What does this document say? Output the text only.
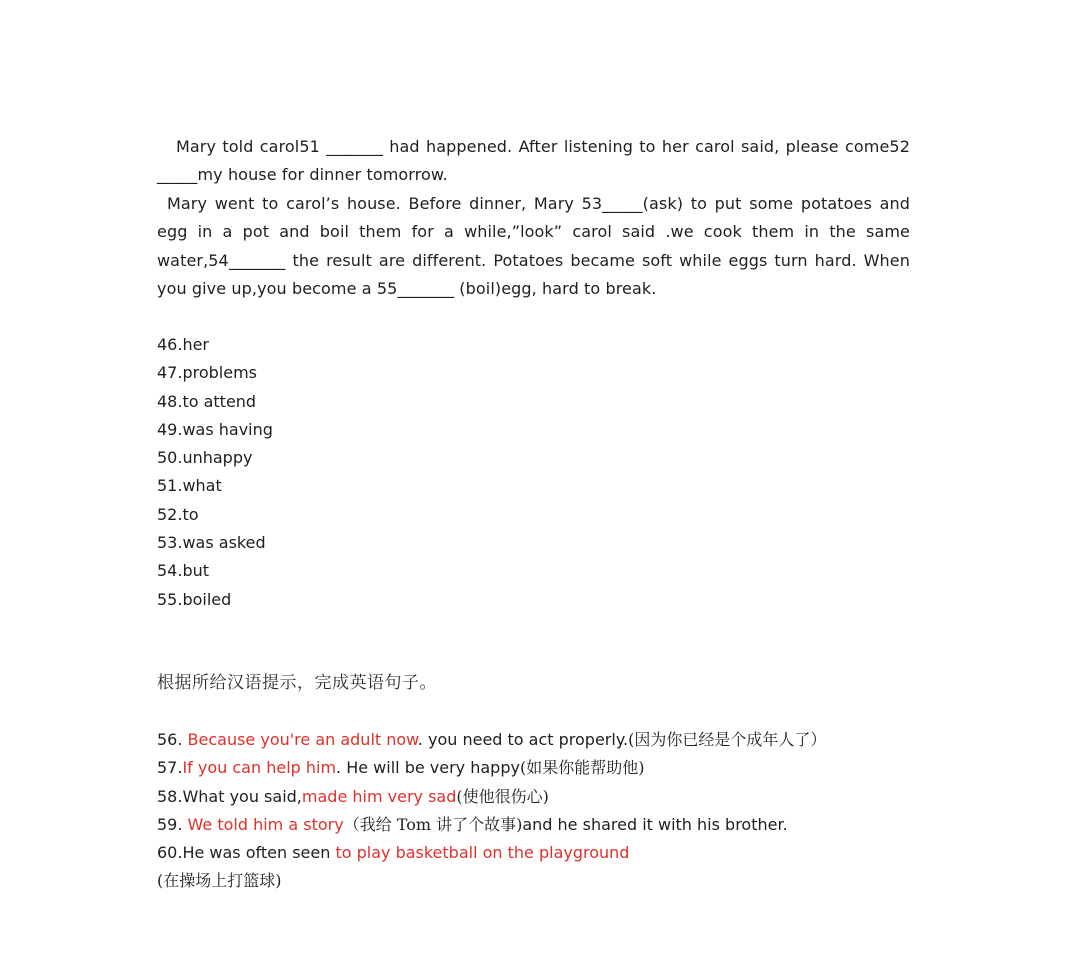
Mary told carol51 _______ had happened. After listening to her carol said, please come52 _____my house for dinner tomorrow.

Mary went to carol’s house. Before dinner, Mary 53_____(ask) to put some potatoes and egg in a pot and boil them for a while,”look” carol said .we cook them in the same water,54_______ the result are different. Potatoes became soft while eggs turn hard. When you give up,you become a 55_______ (boil)egg, hard to break.

46.her
47.problems
48.to attend
49.was having
50.unhappy
51.what
52.to
53.was asked
54.but
55.boiled
根据所给汉语提示，完成英语句子。
56. Because you're an adult now. you need to act properly.(因为你已经是个成年人了）
57.If you can help him. He will be very happy(如果你能帮助他)
58.What you said,made him very sad(使他很伤心)
59. We told him a story（我给 Tom 讲了个故事)and he shared it with his brother.
60.He was often seen to play basketball on the playground
(在操场上打篮球)
